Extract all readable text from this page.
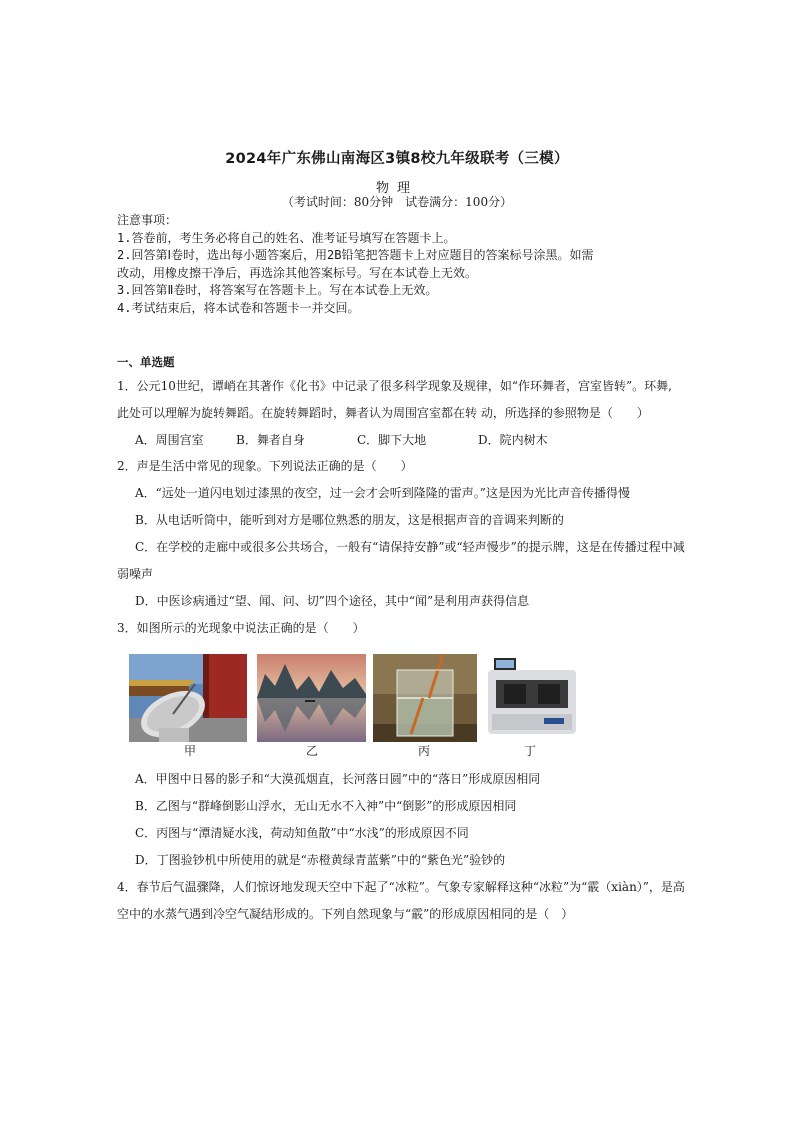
2024年广东佛山南海区3镇8校九年级联考（三模）
物理
（考试时间：80分钟　试卷满分：100分）
注意事项：
1.答卷前，考生务必将自己的姓名、准考证号填写在答题卡上。
2.回答第Ⅰ卷时，选出每小题答案后，用2B铅笔把答题卡上对应题目的答案标号涂黑。如需
改动，用橡皮擦干净后，再选涂其他答案标号。写在本试卷上无效。
3.回答第Ⅱ卷时，将答案写在答题卡上。写在本试卷上无效。
4.考试结束后，将本试卷和答题卡一并交回。
一、单选题
1．公元10世纪，谭峭在其著作《化书》中记录了很多科学现象及规律，如“作环舞者，宫室皆转”。环舞,
此处可以理解为旋转舞蹈。在旋转舞蹈时，舞者认为周围宫室都在转 动，所选择的参照物是（　　）
A．周围宫室	B．舞者自身	C．脚下大地	D．院内树木
2．声是生活中常见的现象。下列说法正确的是（　　）
A．“远处一道闪电划过漆黑的夜空，过一会才会听到隆隆的雷声。”这是因为光比声音传播得慢
B．从电话听筒中，能听到对方是哪位熟悉的朋友，这是根据声音的音调来判断的
C．在学校的走廊中或很多公共场合，一般有“请保持安静”或“轻声慢步”的提示牌，这是在传播过程中减
弱噪声
D．中医诊病通过“望、闻、问、切”四个途径，其中“闻”是利用声获得信息
3．如图所示的光现象中说法正确的是（　　）
甲	乙	丙	丁
A．甲图中日晷的影子和“大漠孤烟直，长河落日圆”中的“落日”形成原因相同
B．乙图与“群峰倒影山浮水，无山无水不入神”中“倒影”的形成原因相同
C．丙图与“潭清疑水浅，荷动知鱼散”中“水浅”的形成原因不同
D．丁图验钞机中所使用的就是“赤橙黄绿青蓝紫”中的“紫色光”验钞的
4．春节后气温骤降，人们惊讶地发现天空中下起了“冰粒”。气象专家解释这种“冰粒”为“霰（xiàn）”，是高
空中的水蒸气遇到冷空气凝结形成的。下列自然现象与“霰”的形成原因相同的是（　）
